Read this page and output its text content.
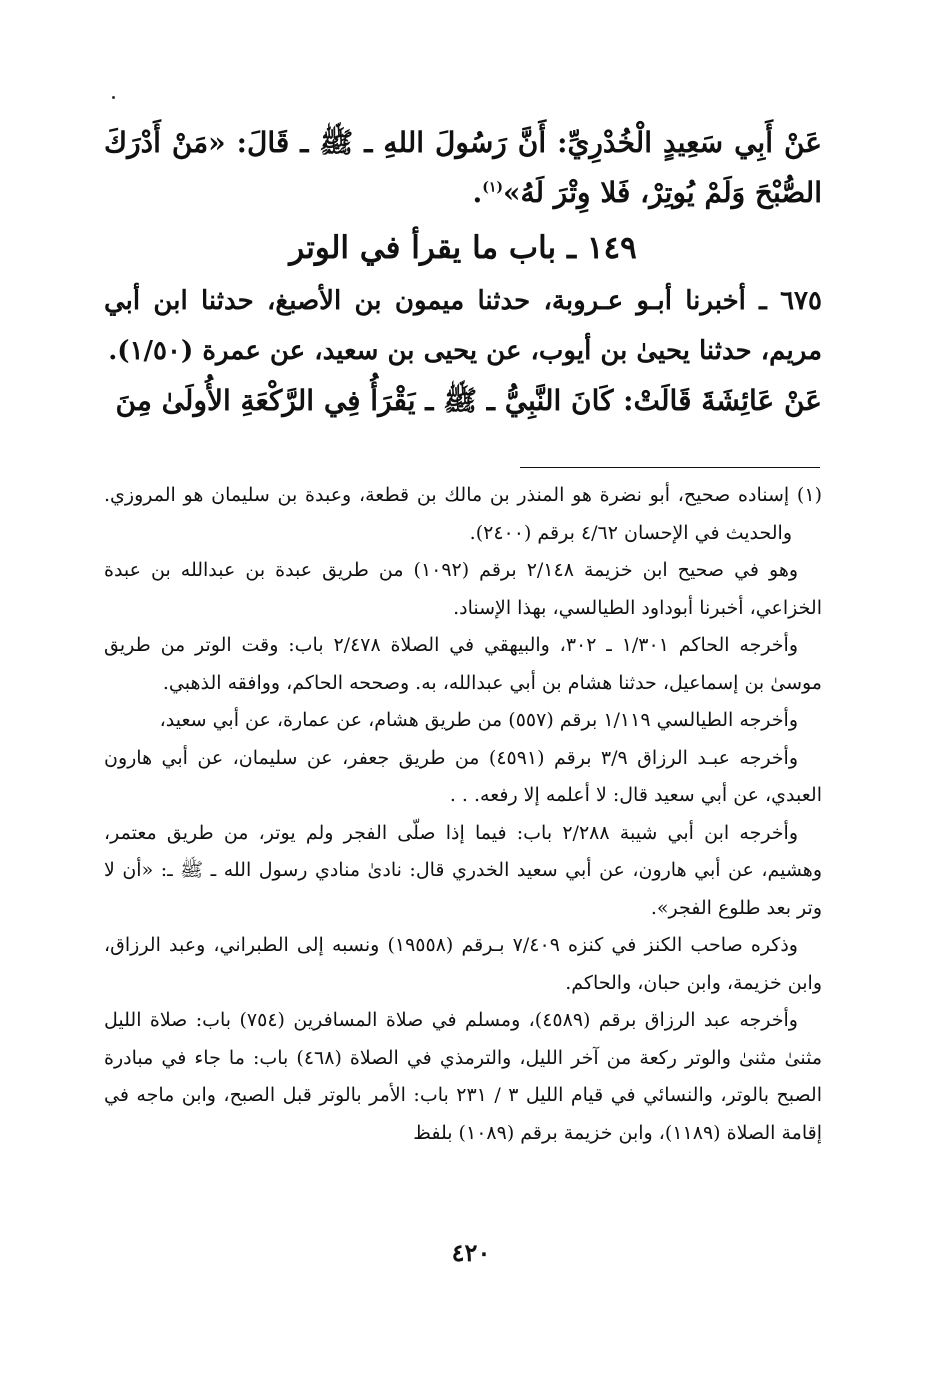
عَنْ أَبِي سَعِيدٍ الْخُدْرِيِّ: أَنَّ رَسُولَ اللهِ ـ ﷺ ـ قَالَ: «مَنْ أَدْرَكَ الصُّبْحَ وَلَمْ يُوتِرْ، فَلا وِتْرَ لَهُ»$^{(١)}$.

١٤٩ ـ باب ما يقرأ في الوتر

٦٧٥ ـ أخبرنا أبـو عـروبة، حدثنا ميمون بن الأصبغ، حدثنا ابن أبي مريم، حدثنا يحيىٰ بن أيوب، عن يحيى بن سعيد، عن عمرة (١/٥٠).

عَنْ عَائِشَةَ قَالَتْ: كَانَ النَّبِيُّ ـ ﷺ ـ يَقْرَأُ فِي الرَّكْعَةِ الأُولَىٰ مِنَ

(١) إسناده صحيح، أبو نضرة هو المنذر بن مالك بن قطعة، وعبدة بن سليمان هو المروزي. والحديث في الإحسان ٤/٦٢ برقم (٢٤٠٠).

وهو في صحيح ابن خزيمة ٢/١٤٨ برقم (١٠٩٢) من طريق عبدة بن عبدالله بن عبدة الخزاعي، أخبرنا أبوداود الطيالسي، بهذا الإسناد.

وأخرجه الحاكم ١/٣٠١ ـ ٣٠٢، والبيهقي في الصلاة ٢/٤٧٨ باب: وقت الوتر من طريق موسىٰ بن إسماعيل، حدثنا هشام بن أبي عبدالله، به. وصححه الحاكم، ووافقه الذهبي.

وأخرجه الطيالسي ١/١١٩ برقم (٥٥٧) من طريق هشام، عن عمارة، عن أبي سعيد،

وأخرجه عبـد الرزاق ٣/٩ برقم (٤٥٩١) من طريق جعفر، عن سليمان، عن أبي هارون العبدي، عن أبي سعيد قال: لا أعلمه إلا رفعه. . .

وأخرجه ابن أبي شيبة ٢/٢٨٨ باب: فيما إذا صلّى الفجر ولم يوتر، من طريق معتمر، وهشيم، عن أبي هارون، عن أبي سعيد الخدري قال: نادىٰ منادي رسول الله ـ ﷺ ـ: «أن لا وتر بعد طلوع الفجر».

وذكره صاحب الكنز في كنزه ٧/٤٠٩ بـرقم (١٩٥٥٨) ونسبه إلى الطبراني، وعبد الرزاق، وابن خزيمة، وابن حبان، والحاكم.

وأخرجه عبد الرزاق برقم (٤٥٨٩)، ومسلم في صلاة المسافرين (٧٥٤) باب: صلاة الليل مثنىٰ مثنىٰ والوتر ركعة من آخر الليل، والترمذي في الصلاة (٤٦٨) باب: ما جاء في مبادرة الصبح بالوتر، والنسائي في قيام الليل ٣ / ٢٣١ باب: الأمر بالوتر قبل الصبح، وابن ماجه في إقامة الصلاة (١١٨٩)، وابن خزيمة برقم (١٠٨٩) بلفظ

٤٢٠
